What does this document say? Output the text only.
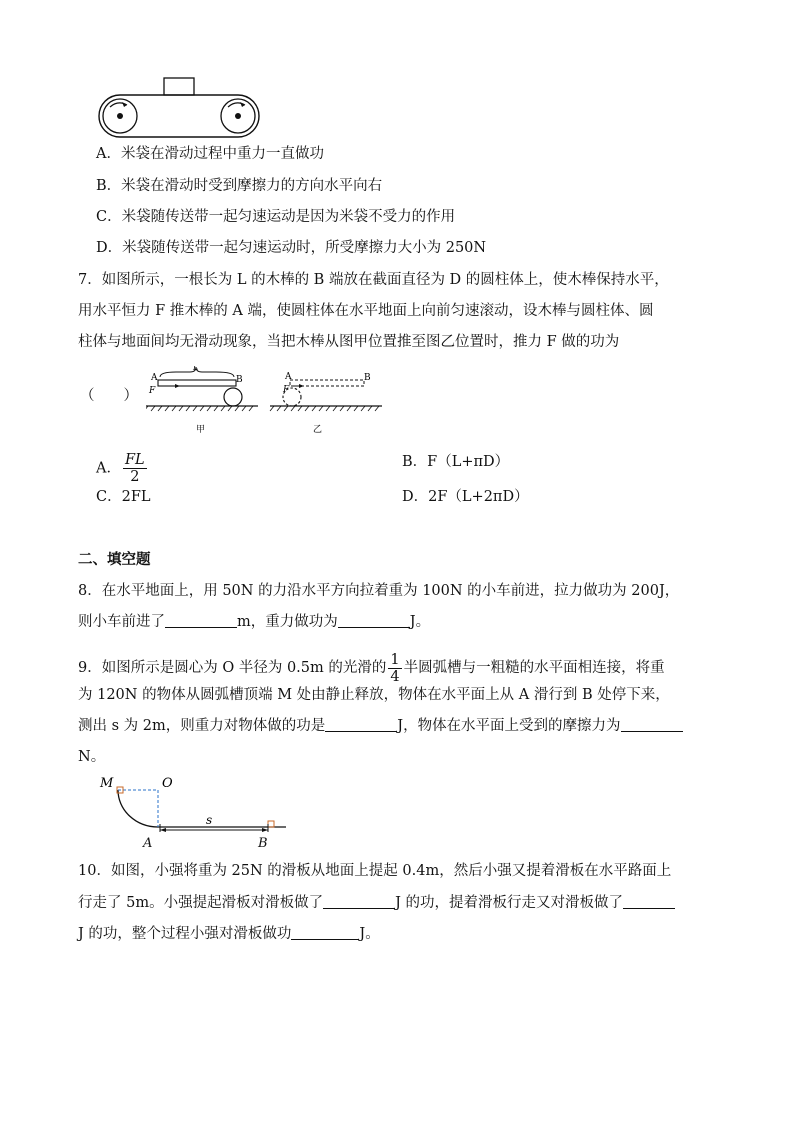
A．米袋在滑动过程中重力一直做功
B．米袋在滑动时受到摩擦力的方向水平向右
C．米袋随传送带一起匀速运动是因为米袋不受力的作用
D．米袋随传送带一起匀速运动时，所受摩擦力大小为 250N
7．如图所示，一根长为 L 的木棒的 B 端放在截面直径为 D 的圆柱体上，使木棒保持水平，
用水平恒力 F 推木棒的 A 端，使圆柱体在水平地面上向前匀速滚动，设木棒与圆柱体、圆
柱体与地面间均无滑动现象，当把木棒从图甲位置推至图乙位置时，推力 F 做的功为
（　　）
A
F
L
B
甲
A
F
B
乙
A． $\frac{FL}{2}$	B．F（L+πD）
C．2FL	D．2F（L+2πD）
二、填空题
8．在水平地面上，用 50N 的力沿水平方向拉着重为 100N 的小车前进，拉力做功为 200J，
则小车前进了	m，重力做功为	J。
9．如图所示是圆心为 O 半径为 0.5m 的光滑的 $\frac{1}{4}$ 半圆弧槽与一粗糙的水平面相连接，将重
为 120N 的物体从圆弧槽顶端 M 处由静止释放，物体在水平面上从 A 滑行到 B 处停下来，
测出 s 为 2m，则重力对物体做的功是	J，物体在水平面上受到的摩擦力为
N。
M	O
s
A	B
10．如图，小强将重为 25N 的滑板从地面上提起 0.4m，然后小强又提着滑板在水平路面上
行走了 5m。小强提起滑板对滑板做了	J 的功，提着滑板行走又对滑板做了
J 的功，整个过程小强对滑板做功	J。
